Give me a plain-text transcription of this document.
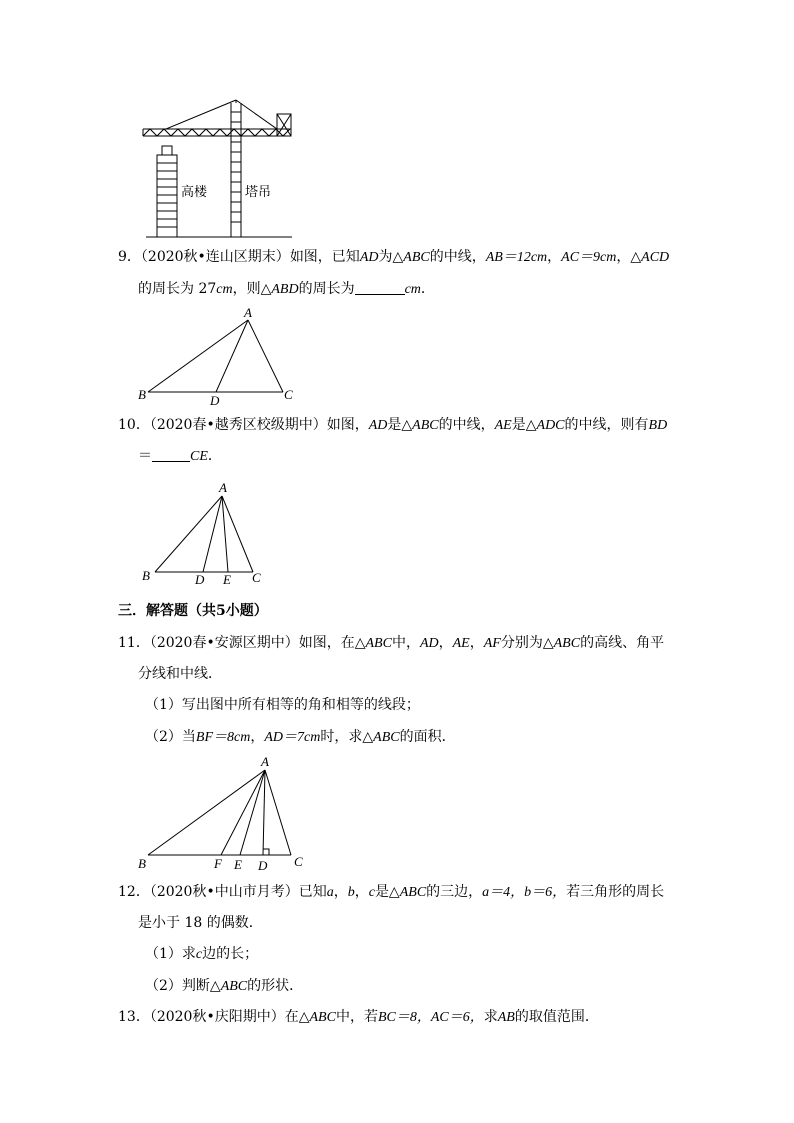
高楼	塔吊
9．（2020秋•连山区期末）如图，已知AD为△ABC的中线，AB＝12cm，AC＝9cm，△ACD
的周长为 27cm，则△ABD的周长为	cm．
A
B	C
D
10．（2020春•越秀区校级期中）如图，AD是△ABC的中线，AE是△ADC的中线，则有BD
＝	CE．
A
B	C
D E
三．解答题（共5小题）
11．（2020春•安源区期中）如图，在△ABC中，AD，AE，AF分别为△ABC的高线、角平
分线和中线．
（1）写出图中所有相等的角和相等的线段；
（2）当BF＝8cm，AD＝7cm时，求△ABC的面积．
A
B	C
D
E
F
12．（2020秋•中山市月考）已知a，b，c是△ABC的三边，a＝4，b＝6，若三角形的周长
是小于 18 的偶数．
（1）求c边的长；
（2）判断△ABC的形状．
13．（2020秋•庆阳期中）在△ABC中，若BC＝8，AC＝6，求AB的取值范围．
